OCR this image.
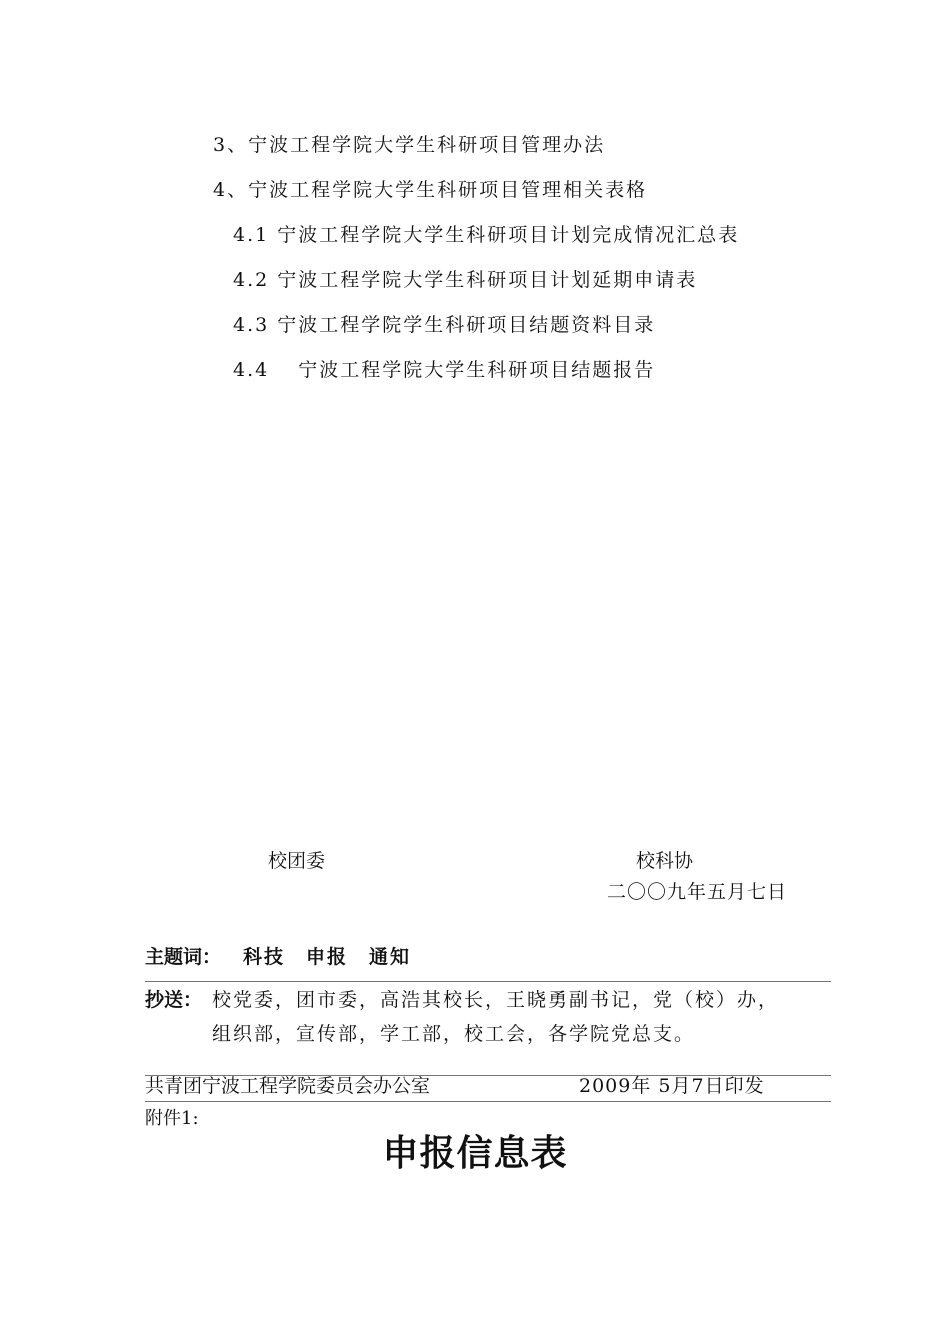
3、宁波工程学院大学生科研项目管理办法
4、宁波工程学院大学生科研项目管理相关表格
4.1 宁波工程学院大学生科研项目计划完成情况汇总表
4.2 宁波工程学院大学生科研项目计划延期申请表
4.3 宁波工程学院学生科研项目结题资料目录
4.4　 宁波工程学院大学生科研项目结题报告
校团委	校科协
二〇〇九年五月七日
主题词： 科技　申报　通知
抄送： 校党委，团市委，高浩其校长，王晓勇副书记，党（校）办，
组织部，宣传部，学工部，校工会，各学院党总支。
共青团宁波工程学院委员会办公室	2009年 5月7日印发
附件1:
申报信息表
